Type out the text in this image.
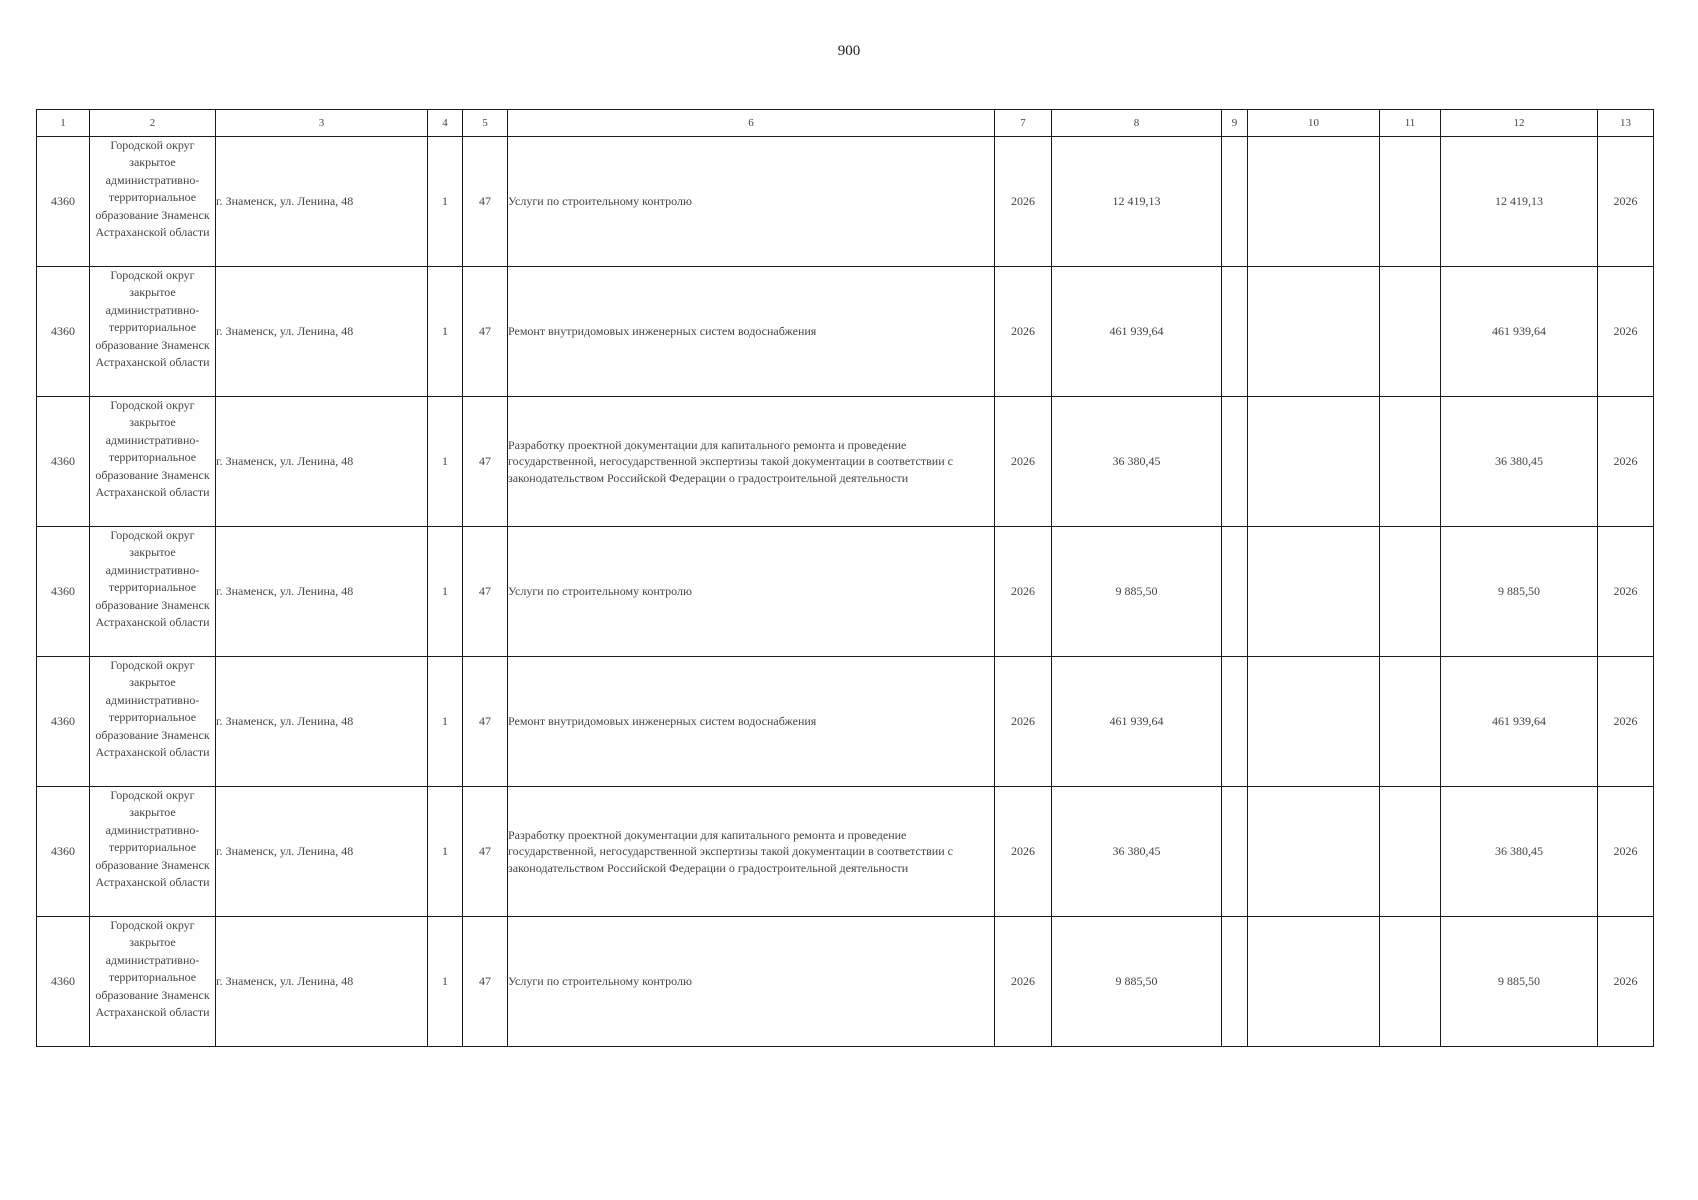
900
1	2	3	4	5	6	7	8	9	10	11	12	13
4360	Городской округ закрытое административно-территориальное образование Знаменск Астраханской области	г. Знаменск, ул. Ленина, 48	1	47	Услуги по строительному контролю	2026	12 419,13				12 419,13	2026
4360	Городской округ закрытое административно-территориальное образование Знаменск Астраханской области	г. Знаменск, ул. Ленина, 48	1	47	Ремонт внутридомовых инженерных систем водоснабжения	2026	461 939,64				461 939,64	2026
4360	Городской округ закрытое административно-территориальное образование Знаменск Астраханской области	г. Знаменск, ул. Ленина, 48	1	47	Разработку проектной документации для капитального ремонта и проведение государственной, негосударственной экспертизы такой документации в соответствии с законодательством Российской Федерации о градостроительной деятельности	2026	36 380,45				36 380,45	2026
4360	Городской округ закрытое административно-территориальное образование Знаменск Астраханской области	г. Знаменск, ул. Ленина, 48	1	47	Услуги по строительному контролю	2026	9 885,50				9 885,50	2026
4360	Городской округ закрытое административно-территориальное образование Знаменск Астраханской области	г. Знаменск, ул. Ленина, 48	1	47	Ремонт внутридомовых инженерных систем водоснабжения	2026	461 939,64				461 939,64	2026
4360	Городской округ закрытое административно-территориальное образование Знаменск Астраханской области	г. Знаменск, ул. Ленина, 48	1	47	Разработку проектной документации для капитального ремонта и проведение государственной, негосударственной экспертизы такой документации в соответствии с законодательством Российской Федерации о градостроительной деятельности	2026	36 380,45				36 380,45	2026
4360	Городской округ закрытое административно-территориальное образование Знаменск Астраханской области	г. Знаменск, ул. Ленина, 48	1	47	Услуги по строительному контролю	2026	9 885,50				9 885,50	2026
